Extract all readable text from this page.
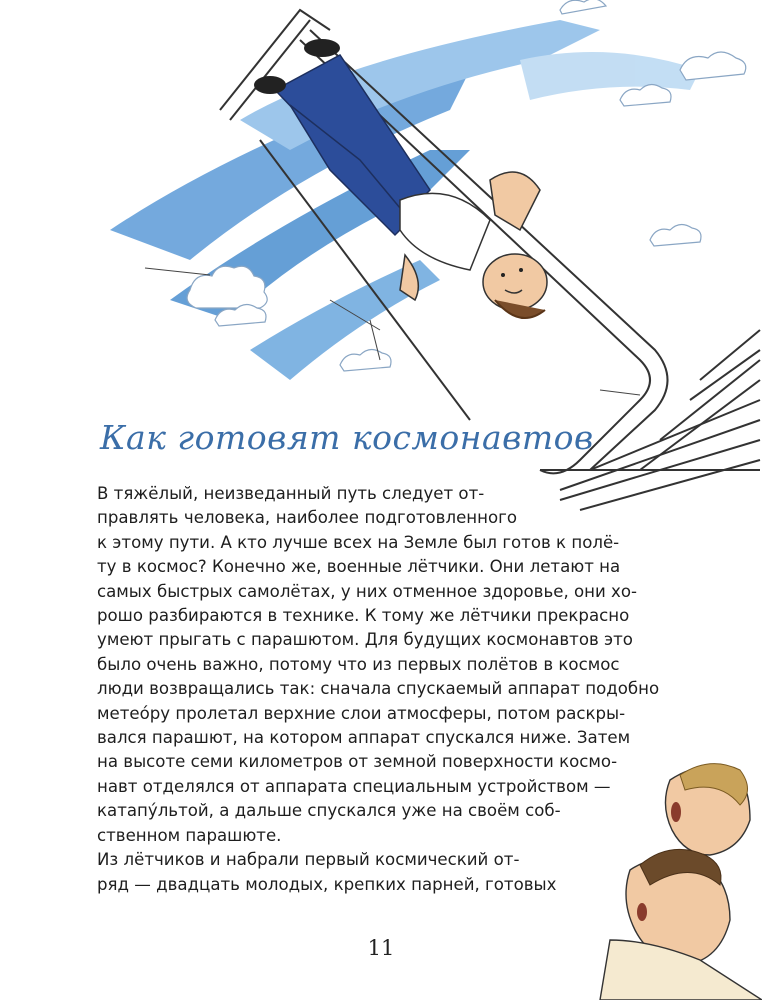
Как готовят космонавтов
В тяжёлый, неизведанный путь следует от-
правлять человека, наиболее подготовленного
к этому пути. А кто лучше всех на Земле был готов к полё-
ту в космос? Конечно же, военные лётчики. Они летают на
самых быстрых самолётах, у них отменное здоровье, они хо-
рошо разбираются в технике. К тому же лётчики прекрасно
умеют прыгать с парашютом. Для будущих космонавтов это
было очень важно, потому что из первых полётов в космос
люди возвращались так: сначала спускаемый аппарат подобно
метеóру пролетал верхние слои атмосферы, потом раскры-
вался парашют, на котором аппарат спускался ниже. Затем
на высоте семи километров от земной поверхности космо-
навт отделялся от аппарата специальным устройством —
катапу́льтой, а дальше спускался уже на своём соб-
ственном парашюте.
Из лётчиков и набрали первый космический от-
ряд — двадцать молодых, крепких парней, готовых
11
